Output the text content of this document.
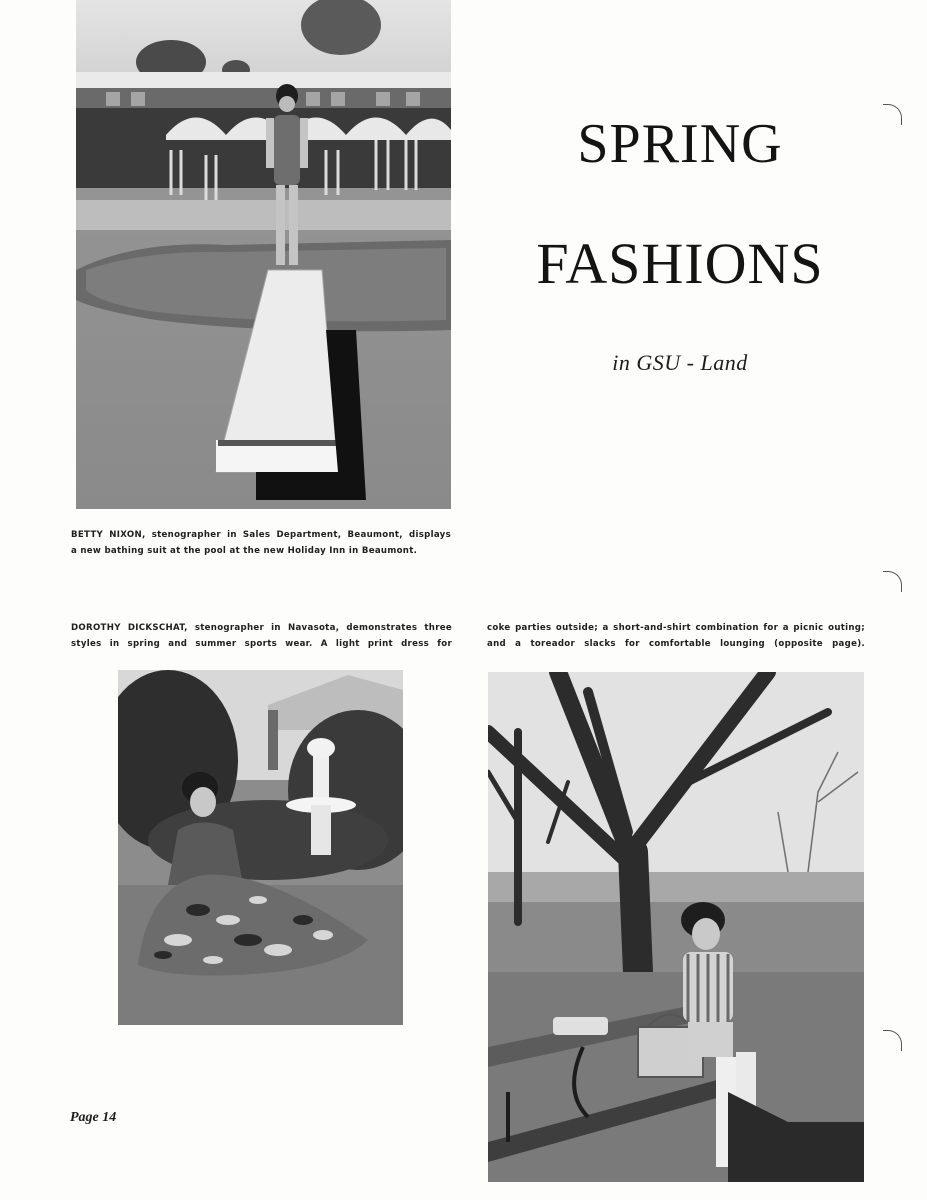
SPRING
FASHIONS
in GSU - Land

BETTY NIXON, stenographer in Sales Department, Beaumont, displays
a new bathing suit at the pool at the new Holiday Inn in Beaumont.

DOROTHY DICKSCHAT, stenographer in Navasota, demonstrates three
styles in spring and summer sports wear. A light print dress for

coke parties outside; a short-and-shirt combination for a picnic outing;
and a toreador slacks for comfortable lounging (opposite page).

Page 14
